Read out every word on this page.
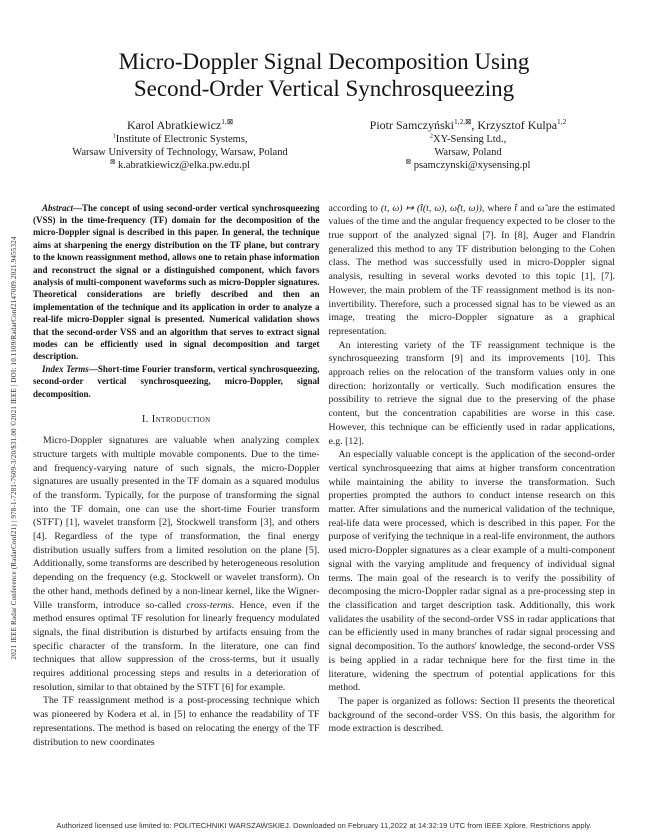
2021 IEEE Radar Conference (RadarConf21) | 978-1-7281-7609-3/20/$31.00 ©2021 IEEE | DOI: 10.1109/RadarConf2147009.2021.9455324
Micro-Doppler Signal Decomposition Using
Second-Order Vertical Synchrosqueezing
Karol Abratkiewicz$^{1,⊠}$
$^1$Institute of Electronic Systems,
Warsaw University of Technology, Warsaw, Poland
⊠ k.abratkiewicz@elka.pw.edu.pl
Piotr Samczyński$^{1,2,⊠}$, Krzysztof Kulpa$^{1,2}$
$^2$XY-Sensing Ltd.,
Warsaw, Poland
⊠ psamczynski@xysensing.pl

Abstract—The concept of using second-order vertical synchrosqueezing (VSS) in the time-frequency (TF) domain for the decomposition of the micro-Doppler signal is described in this paper. In general, the technique aims at sharpening the energy distribution on the TF plane, but contrary to the known reassignment method, allows one to retain phase information and reconstruct the signal or a distinguished component, which favors analysis of multi-component waveforms such as micro-Doppler signatures. Theoretical considerations are briefly described and then an implementation of the technique and its application in order to analyze a real-life micro-Doppler signal is presented. Numerical validation shows that the second-order VSS and an algorithm that serves to extract signal modes can be efficiently used in signal decomposition and target description.

Index Terms—Short-time Fourier transform, vertical synchrosqueezing, second-order vertical synchrosqueezing, micro-Doppler, signal decomposition.

I. Introduction

Micro-Doppler signatures are valuable when analyzing complex structure targets with multiple movable components. Due to the time- and frequency-varying nature of such signals, the micro-Doppler signatures are usually presented in the TF domain as a squared modulus of the transform. Typically, for the purpose of transforming the signal into the TF domain, one can use the short-time Fourier transform (STFT) [1], wavelet transform [2], Stockwell transform [3], and others [4]. Regardless of the type of transformation, the final energy distribution usually suffers from a limited resolution on the plane [5]. Additionally, some transforms are described by heterogeneous resolution depending on the frequency (e.g. Stockwell or wavelet transform). On the other hand, methods defined by a non-linear kernel, like the Wigner-Ville transform, introduce so-called cross-terms. Hence, even if the method ensures optimal TF resolution for linearly frequency modulated signals, the final distribution is disturbed by artifacts ensuing from the specific character of the transform. In the literature, one can find techniques that allow suppression of the cross-terms, but it usually requires additional processing steps and results in a deterioration of resolution, similar to that obtained by the STFT [6] for example.

The TF reassignment method is a post-processing technique which was pioneered by Kodera et al. in [5] to enhance the readability of TF representations. The method is based on relocating the energy of the TF distribution to new coordinates

according to (t, ω) ↦ (t̂(t, ω), ω̂(t, ω)), where t̂ and ω̂ are the estimated values of the time and the angular frequency expected to be closer to the true support of the analyzed signal [7]. In [8], Auger and Flandrin generalized this method to any TF distribution belonging to the Cohen class. The method was successfully used in micro-Doppler signal analysis, resulting in several works devoted to this topic [1], [7]. However, the main problem of the TF reassignment method is its non-invertibility. Therefore, such a processed signal has to be viewed as an image, treating the micro-Doppler signature as a graphical representation.

An interesting variety of the TF reassignment technique is the synchrosqueezing transform [9] and its improvements [10]. This approach relies on the relocation of the transform values only in one direction: horizontally or vertically. Such modification ensures the possibility to retrieve the signal due to the preserving of the phase content, but the concentration capabilities are worse in this case. However, this technique can be efficiently used in radar applications, e.g. [12].

An especially valuable concept is the application of the second-order vertical synchrosqueezing that aims at higher transform concentration while maintaining the ability to inverse the transformation. Such properties prompted the authors to conduct intense research on this matter. After simulations and the numerical validation of the technique, real-life data were processed, which is described in this paper. For the purpose of verifying the technique in a real-life environment, the authors used micro-Doppler signatures as a clear example of a multi-component signal with the varying amplitude and frequency of individual signal terms. The main goal of the research is to verify the possibility of decomposing the micro-Doppler radar signal as a pre-processing step in the classification and target description task. Additionally, this work validates the usability of the second-order VSS in radar applications that can be efficiently used in many branches of radar signal processing and signal decomposition. To the authors' knowledge, the second-order VSS is being applied in a radar technique here for the first time in the literature, widening the spectrum of potential applications for this method.

The paper is organized as follows: Section II presents the theoretical background of the second-order VSS. On this basis, the algorithm for mode extraction is described.

Authorized licensed use limited to: POLITECHNIKI WARSZAWSKIEJ. Downloaded on February 11,2022 at 14:32:19 UTC from IEEE Xplore. Restrictions apply.
